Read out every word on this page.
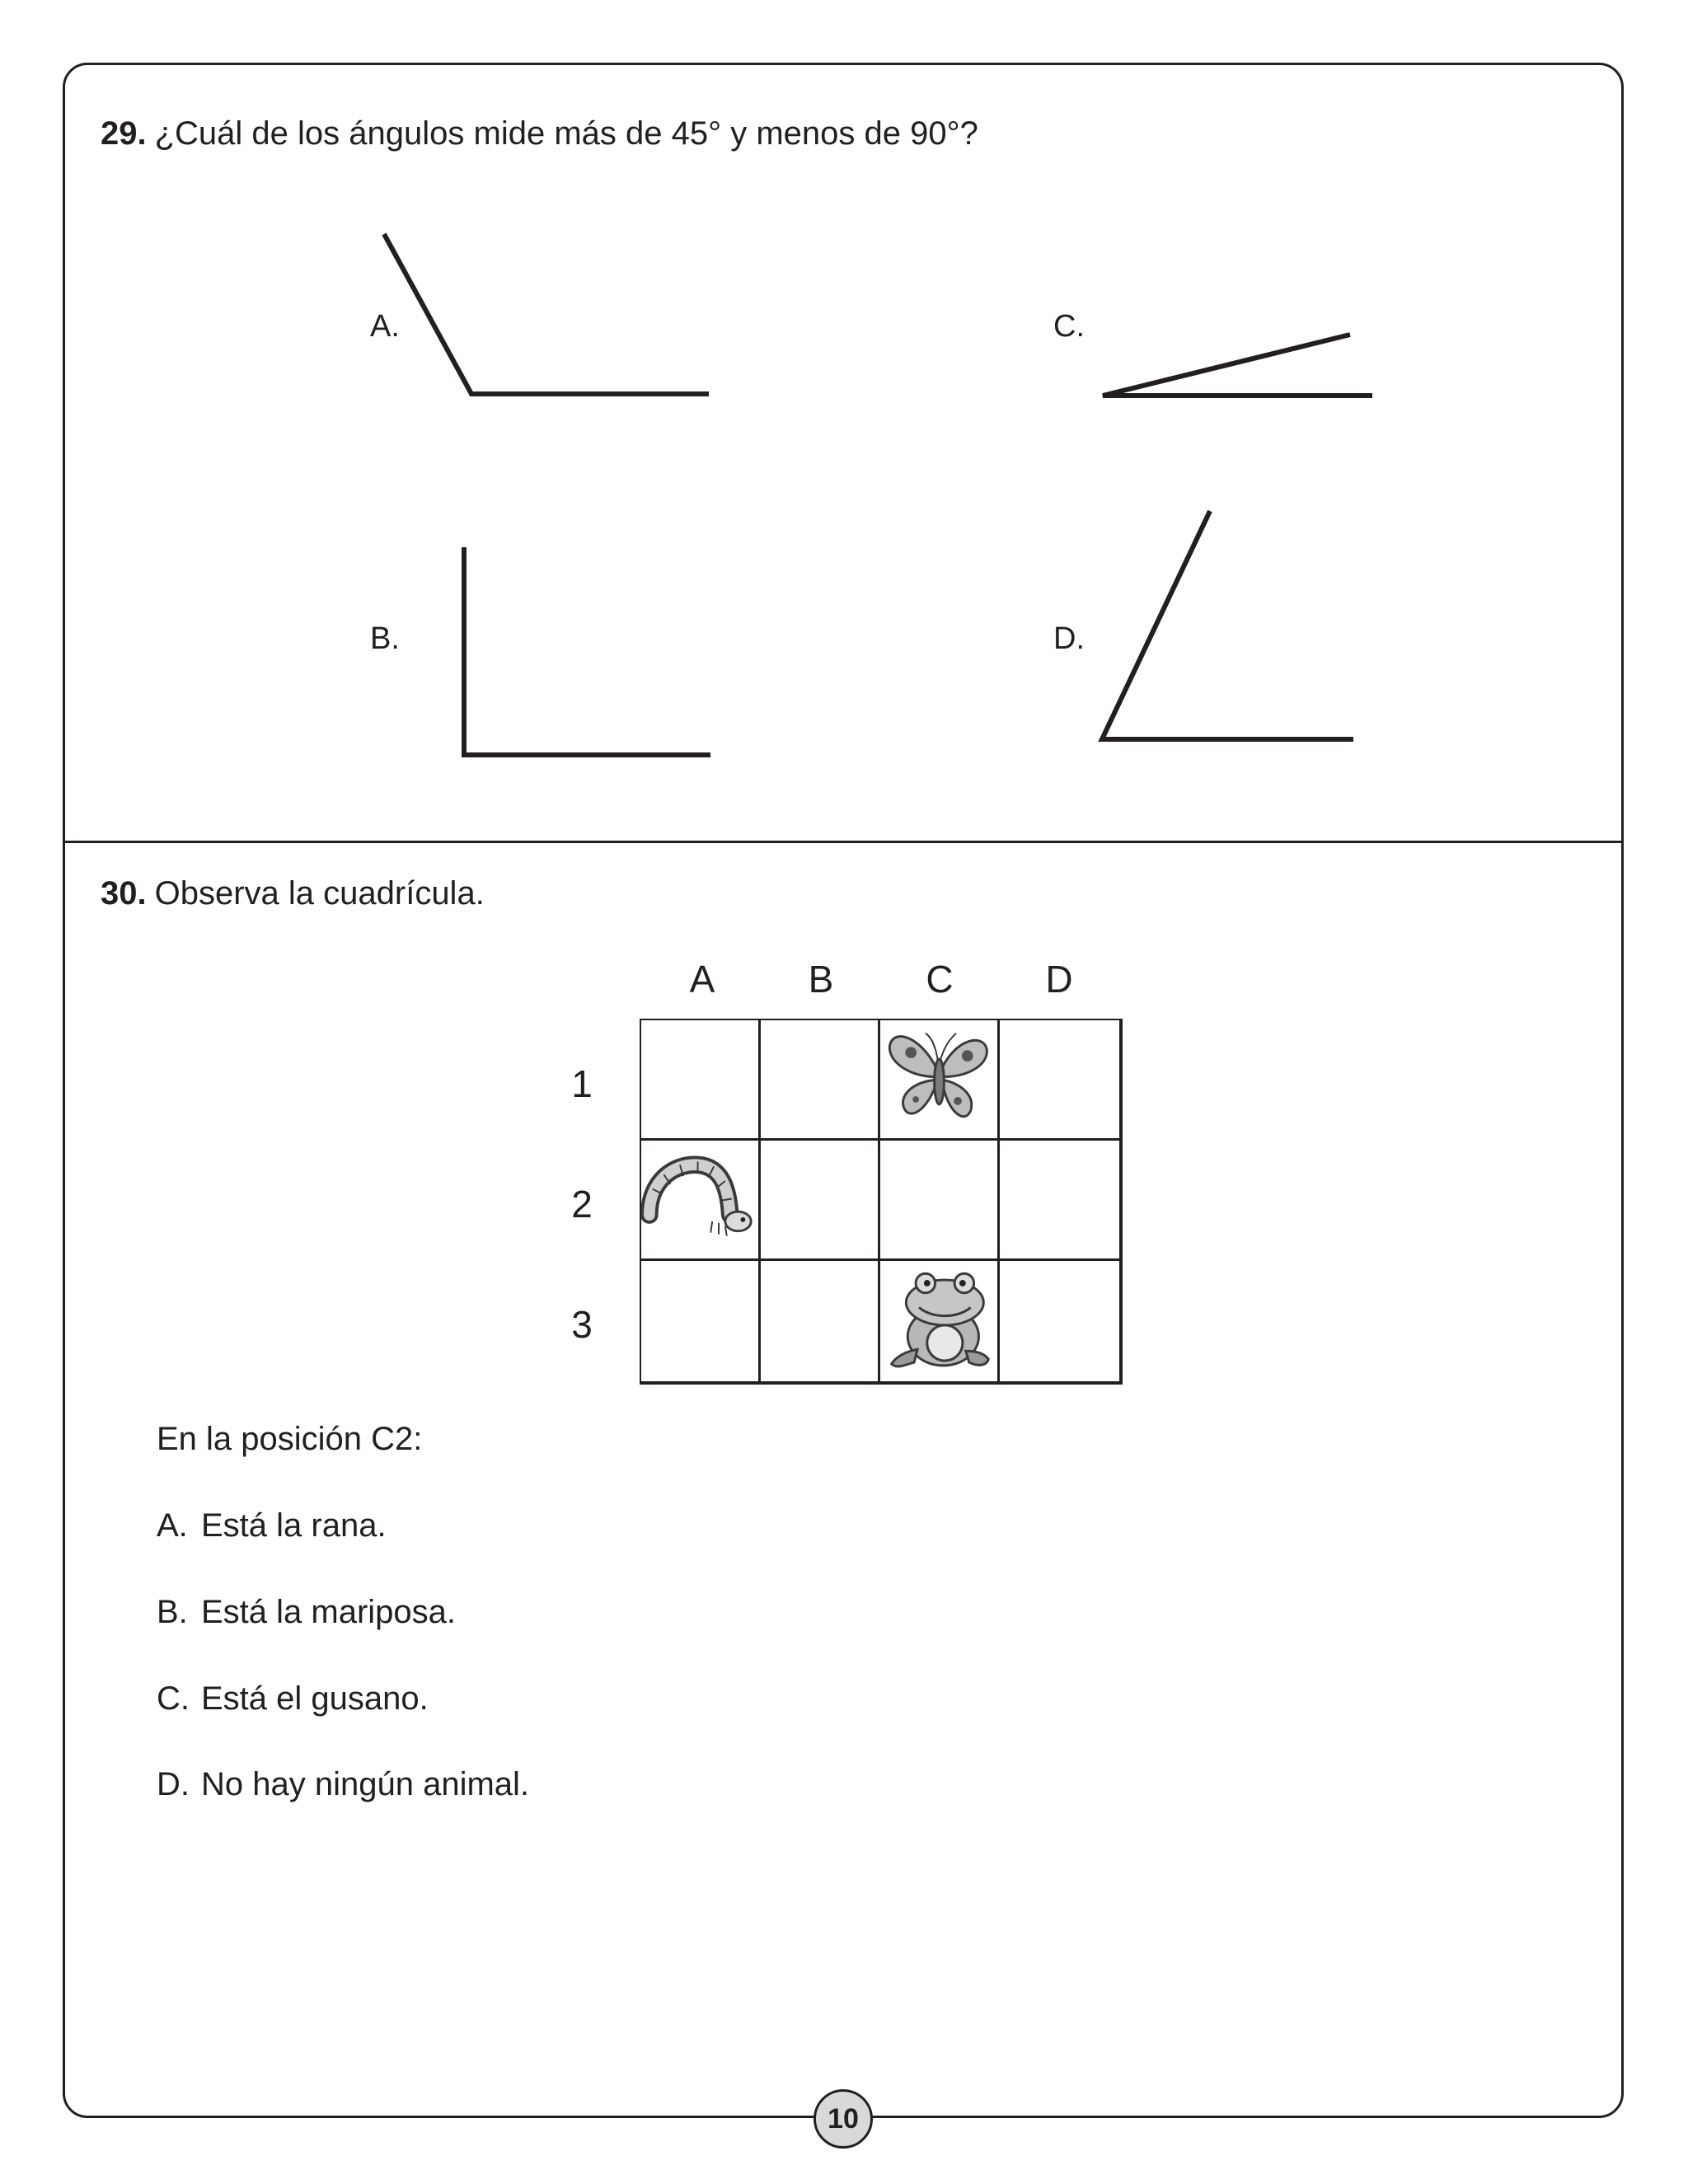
29. ¿Cuál de los ángulos mide más de 45° y menos de 90°?
A.	C.
B.	D.
30. Observa la cuadrícula.
A	B	C D
1
2
3
En la posición C2:
A. Está la rana.
B. Está la mariposa.
C. Está el gusano.
D. No hay ningún animal.
10
